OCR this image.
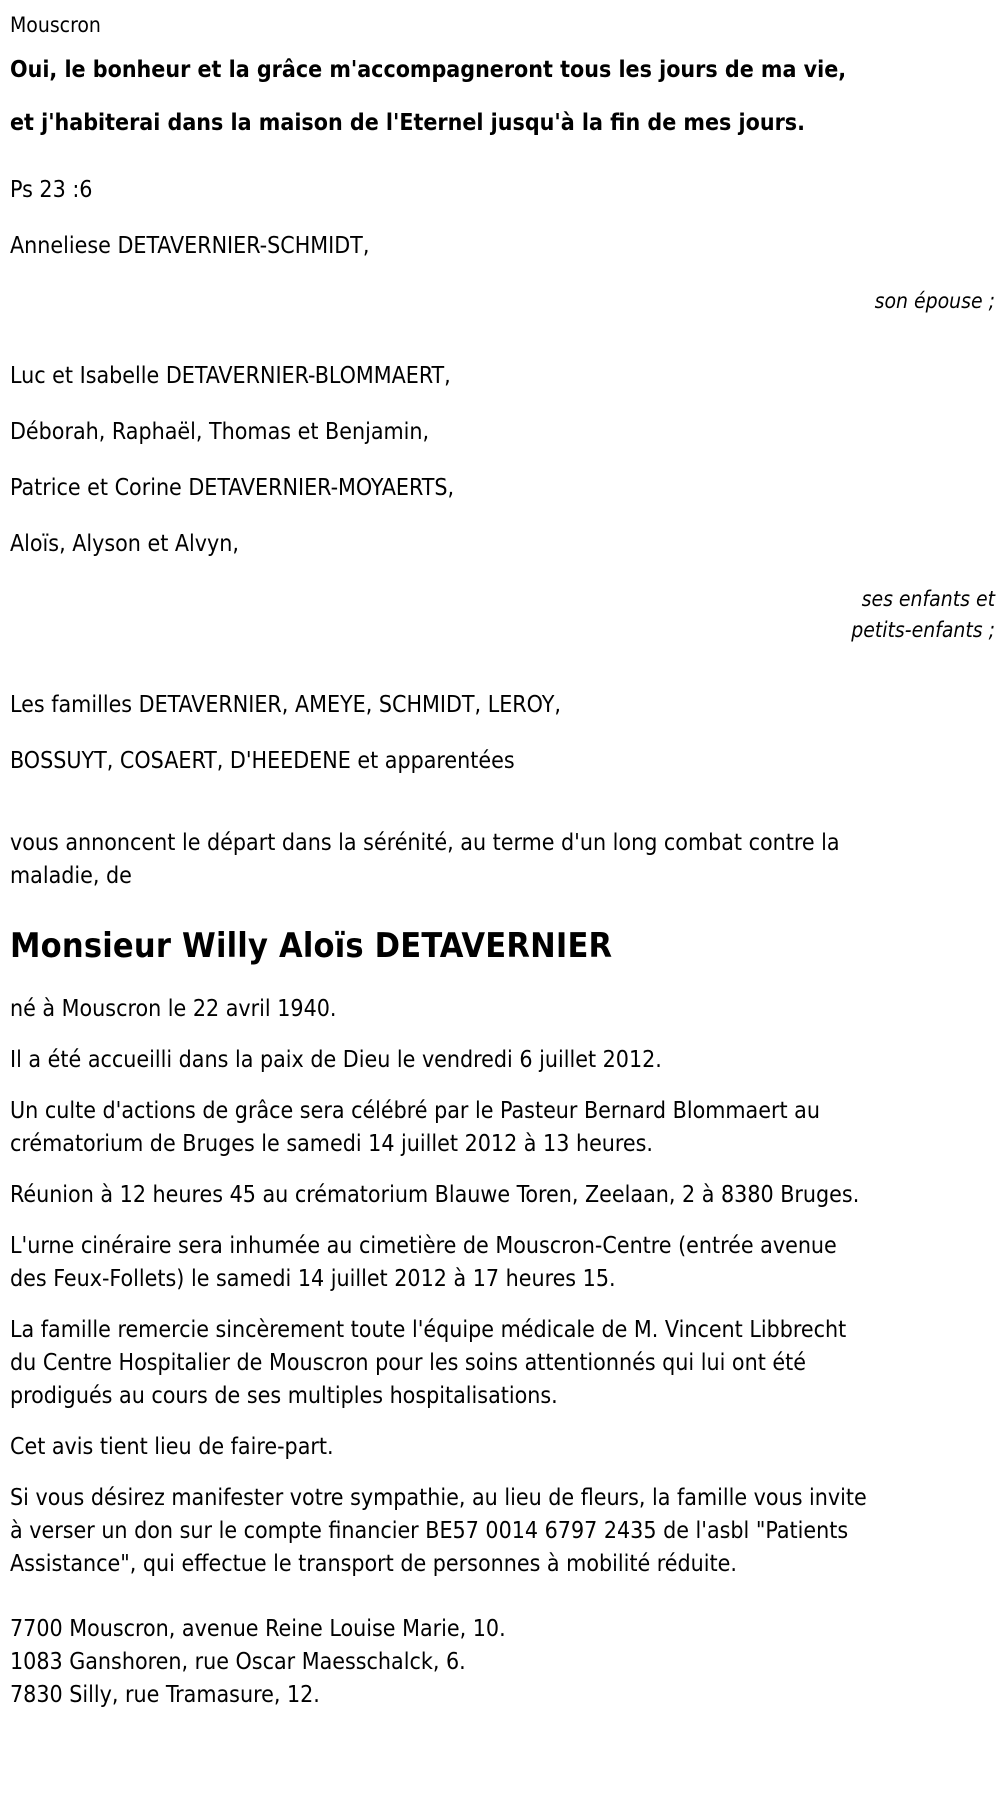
Mouscron

Oui, le bonheur et la grâce m'accompagneront tous les jours de ma vie,

et j'habiterai dans la maison de l'Eternel jusqu'à la fin de mes jours.

Ps 23 :6

Anneliese DETAVERNIER-SCHMIDT,

son épouse ;

Luc et Isabelle DETAVERNIER-BLOMMAERT,

Déborah, Raphaël, Thomas et Benjamin,

Patrice et Corine DETAVERNIER-MOYAERTS,

Aloïs, Alyson et Alvyn,

ses enfants et

petits-enfants ;

Les familles DETAVERNIER, AMEYE, SCHMIDT, LEROY,

BOSSUYT, COSAERT, D'HEEDENE et apparentées

vous annoncent le départ dans la sérénité, au terme d'un long combat contre la maladie, de

Monsieur Willy Aloïs DETAVERNIER

né à Mouscron le 22 avril 1940.

Il a été accueilli dans la paix de Dieu le vendredi 6 juillet 2012.

Un culte d'actions de grâce sera célébré par le Pasteur Bernard Blommaert au crématorium de Bruges le samedi 14 juillet 2012 à 13 heures.

Réunion à 12 heures 45 au crématorium Blauwe Toren, Zeelaan, 2 à 8380 Bruges.

L'urne cinéraire sera inhumée au cimetière de Mouscron-Centre (entrée avenue des Feux-Follets) le samedi 14 juillet 2012 à 17 heures 15.

La famille remercie sincèrement toute l'équipe médicale de M. Vincent Libbrecht du Centre Hospitalier de Mouscron pour les soins attentionnés qui lui ont été prodigués au cours de ses multiples hospitalisations.

Cet avis tient lieu de faire-part.

Si vous désirez manifester votre sympathie, au lieu de fleurs, la famille vous invite à verser un don sur le compte financier BE57 0014 6797 2435 de l'asbl "Patients Assistance", qui effectue le transport de personnes à mobilité réduite.

7700 Mouscron, avenue Reine Louise Marie, 10.

1083 Ganshoren, rue Oscar Maesschalck, 6.

7830 Silly, rue Tramasure, 12.
